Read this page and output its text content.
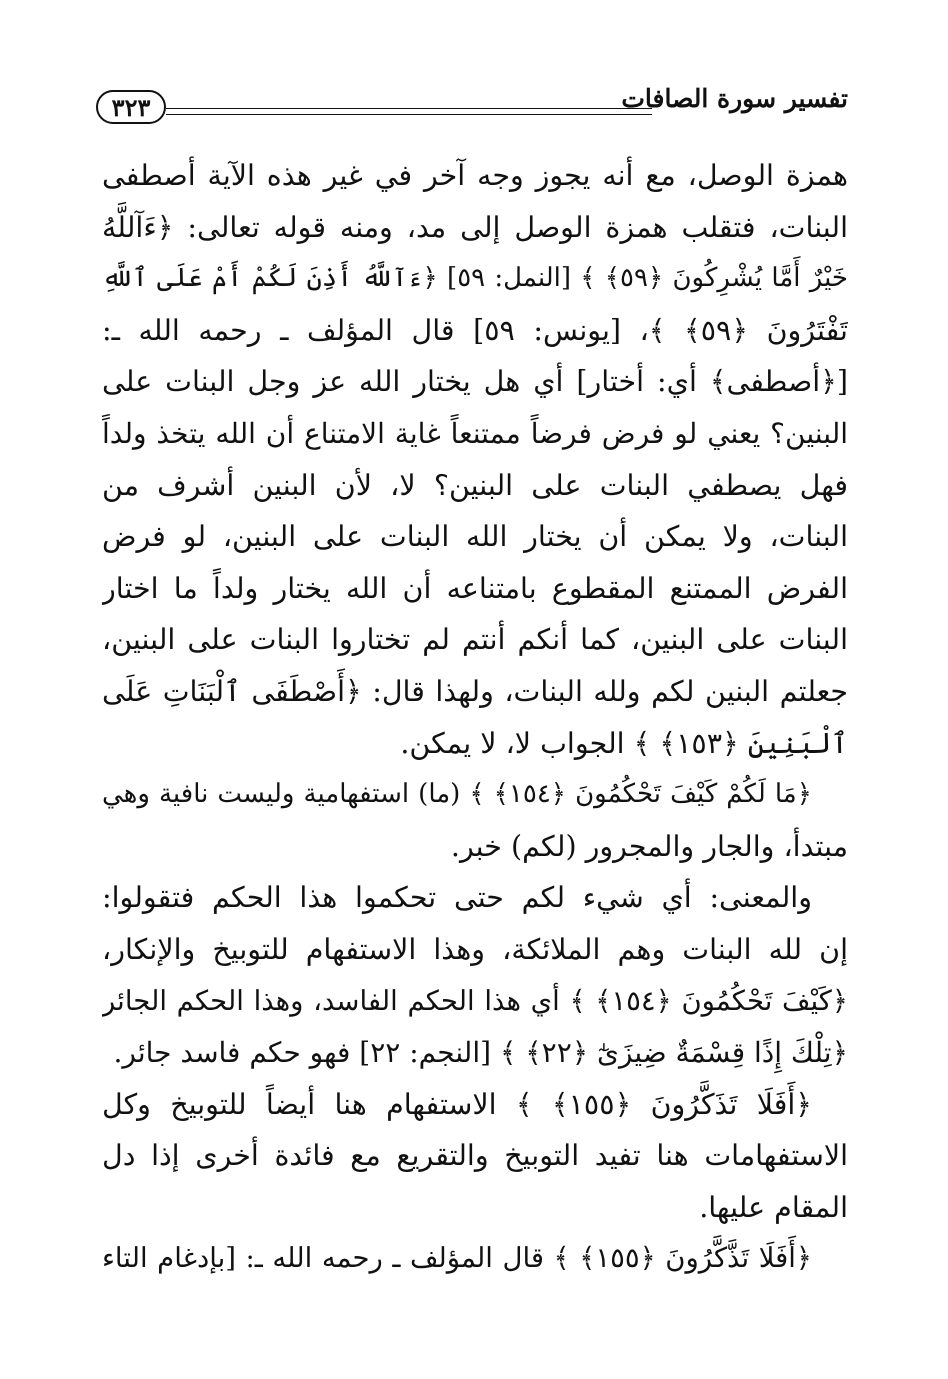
٣٢٣	تفسير سورة الصافات
همزة الوصل، مع أنه يجوز وجه آخر في غير هذه الآية أصطفى
البنات، فتقلب همزة الوصل إلى مد، ومنه قوله تعالى: ﴿ءَآللَّهُ
خَيْرٌ أَمَّا يُشْرِكُونَ ﴿٥٩﴾ ﴾ [النمل: ٥٩] ﴿ءَآللَّهُ أَذِنَ لَكُمْ أَمْ عَلَى ٱللَّهِ
تَفْتَرُونَ ﴿٥٩﴾ ﴾، [يونس: ٥٩] قال المؤلف ـ رحمه الله ـ:
[﴿أصطفى﴾ أي: أختار] أي هل يختار الله عز وجل البنات على
البنين؟ يعني لو فرض فرضاً ممتنعاً غاية الامتناع أن الله يتخذ ولداً
فهل يصطفي البنات على البنين؟ لا، لأن البنين أشرف من
البنات، ولا يمكن أن يختار الله البنات على البنين، لو فرض
الفرض الممتنع المقطوع بامتناعه أن الله يختار ولداً ما اختار
البنات على البنين، كما أنكم أنتم لم تختاروا البنات على البنين،
جعلتم البنين لكم ولله البنات، ولهذا قال: ﴿أَصْطَفَى ٱلْبَنَاتِ عَلَى
ٱلْبَنِينَ ﴿١٥٣﴾ ﴾ الجواب لا، لا يمكن.
﴿مَا لَكُمْ كَيْفَ تَحْكُمُونَ ﴿١٥٤﴾ ﴾ (ما) استفهامية وليست نافية وهي
مبتدأ، والجار والمجرور (لكم) خبر.
والمعنى: أي شيء لكم حتى تحكموا هذا الحكم فتقولوا:
إن لله البنات وهم الملائكة، وهذا الاستفهام للتوبيخ والإنكار،
﴿كَيْفَ تَحْكُمُونَ ﴿١٥٤﴾ ﴾ أي هذا الحكم الفاسد، وهذا الحكم الجائر
﴿تِلْكَ إِذًا قِسْمَةٌ ضِيزَىٰٓ ﴿٢٢﴾ ﴾ [النجم: ٢٢] فهو حكم فاسد جائر.
﴿أَفَلَا تَذَكَّرُونَ ﴿١٥٥﴾ ﴾ الاستفهام هنا أيضاً للتوبيخ وكل
الاستفهامات هنا تفيد التوبيخ والتقريع مع فائدة أخرى إذا دل
المقام عليها.
﴿أَفَلَا تَذَّكَّرُونَ ﴿١٥٥﴾ ﴾ قال المؤلف ـ رحمه الله ـ: [بإدغام التاء
